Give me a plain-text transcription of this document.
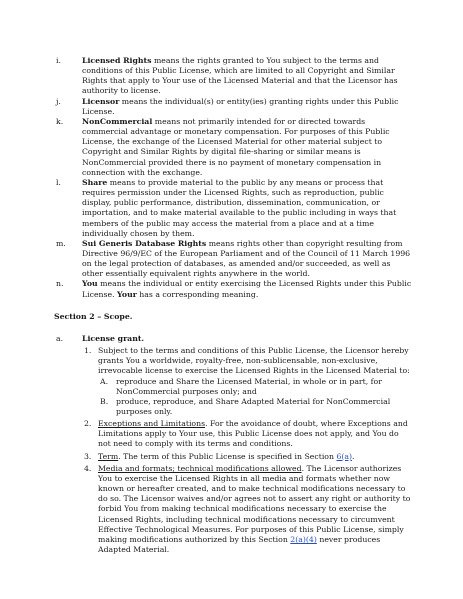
i.	Licensed Rights means the rights granted to You subject to the terms and conditions of this Public License, which are limited to all Copyright and Similar Rights that apply to Your use of the Licensed Material and that the Licensor has authority to license.
j.	Licensor means the individual(s) or entity(ies) granting rights under this Public License.
k.	NonCommercial means not primarily intended for or directed towards commercial advantage or monetary compensation. For purposes of this Public License, the exchange of the Licensed Material for other material subject to Copyright and Similar Rights by digital file-sharing or similar means is NonCommercial provided there is no payment of monetary compensation in connection with the exchange.
l.	Share means to provide material to the public by any means or process that requires permission under the Licensed Rights, such as reproduction, public display, public performance, distribution, dissemination, communication, or importation, and to make material available to the public including in ways that members of the public may access the material from a place and at a time individually chosen by them.
m.	Sui Generis Database Rights means rights other than copyright resulting from Directive 96/9/EC of the European Parliament and of the Council of 11 March 1996 on the legal protection of databases, as amended and/or succeeded, as well as other essentially equivalent rights anywhere in the world.
n.	You means the individual or entity exercising the Licensed Rights under this Public License. Your has a corresponding meaning.
Section 2 – Scope.
a.	License grant.
1. Subject to the terms and conditions of this Public License, the Licensor hereby grants You a worldwide, royalty-free, non-sublicensable, non-exclusive, irrevocable license to exercise the Licensed Rights in the Licensed Material to:
A.	reproduce and Share the Licensed Material, in whole or in part, for NonCommercial purposes only; and
B.	produce, reproduce, and Share Adapted Material for NonCommercial purposes only.
2. Exceptions and Limitations. For the avoidance of doubt, where Exceptions and Limitations apply to Your use, this Public License does not apply, and You do not need to comply with its terms and conditions.
3. Term. The term of this Public License is specified in Section 6(a).
4. Media and formats; technical modifications allowed. The Licensor authorizes You to exercise the Licensed Rights in all media and formats whether now known or hereafter created, and to make technical modifications necessary to do so. The Licensor waives and/or agrees not to assert any right or authority to forbid You from making technical modifications necessary to exercise the Licensed Rights, including technical modifications necessary to circumvent Effective Technological Measures. For purposes of this Public License, simply making modifications authorized by this Section 2(a)(4) never produces Adapted Material.
